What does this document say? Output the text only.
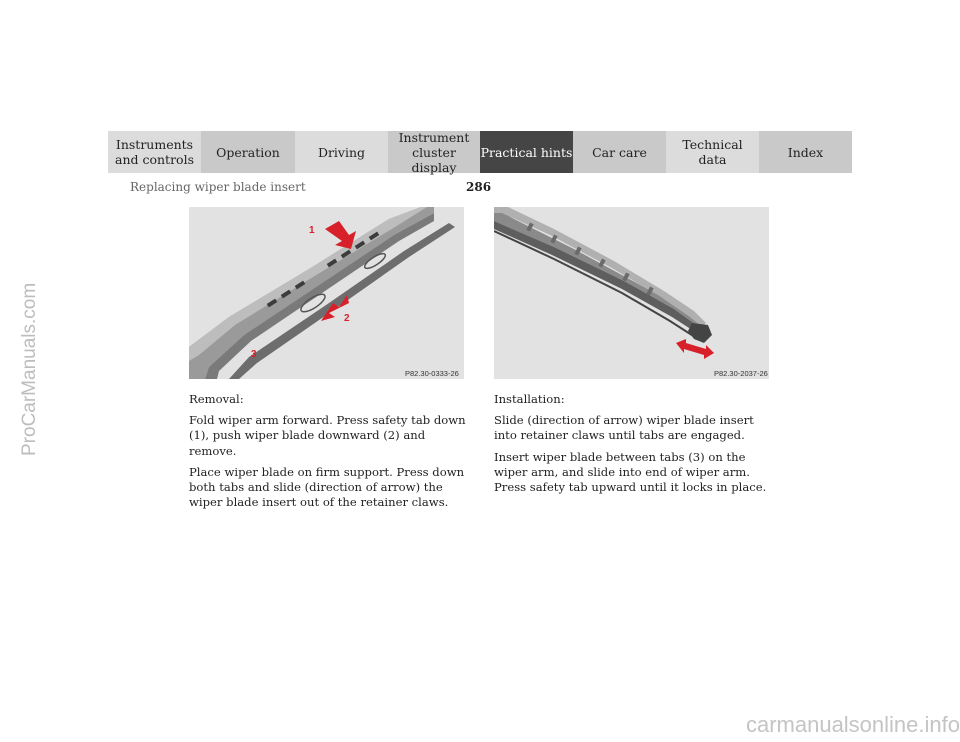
ProCarManuals.com
Instruments
and controls Operation	Driving
Instrument
cluster display
Practical hints Car care	Technical
data	Index
Replacing wiper blade insert	286
1
2
3
P82.30-0333-26	P82.30-2037-26

Removal:

Fold wiper arm forward. Press safety tab down (1), push wiper blade downward (2) and remove.

Place wiper blade on firm support. Press down both tabs and slide (direction of arrow) the wiper blade insert out of the retainer claws.

Installation:

Slide (direction of arrow) wiper blade insert into retainer claws until tabs are engaged.

Insert wiper blade between tabs (3) on the wiper arm, and slide into end of wiper arm. Press safety tab upward until it locks in place.

carmanualsonline.info
